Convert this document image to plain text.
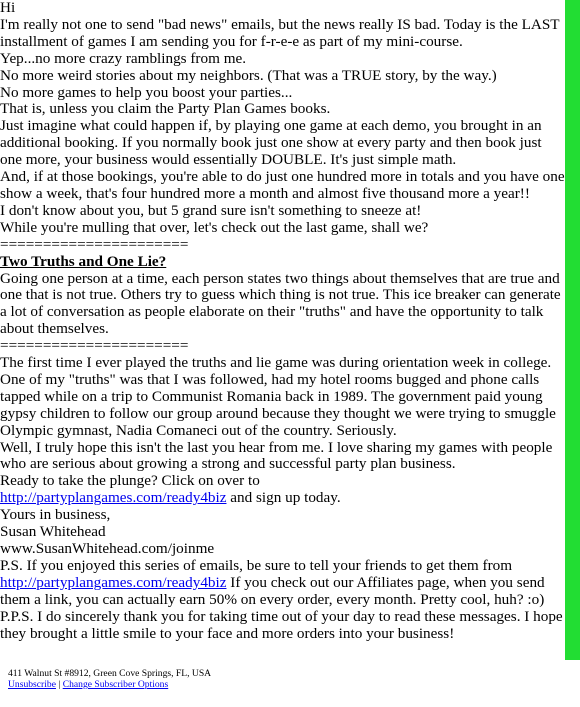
Hi

I'm really not one to send "bad news" emails, but the news really IS bad. Today is the LAST installment of games I am sending you for f-r-e-e as part of my mini-course.

Yep...no more crazy ramblings from me.

No more weird stories about my neighbors. (That was a TRUE story, by the way.)

No more games to help you boost your parties...

That is, unless you claim the Party Plan Games books.

Just imagine what could happen if, by playing one game at each demo, you brought in an additional booking. If you normally book just one show at every party and then book just one more, your business would essentially DOUBLE. It's just simple math.

And, if at those bookings, you're able to do just one hundred more in totals and you have one show a week, that's four hundred more a month and almost five thousand more a year!!

I don't know about you, but 5 grand sure isn't something to sneeze at!

While you're mulling that over, let's check out the last game, shall we?

======================

Two Truths and One Lie?

Going one person at a time, each person states two things about themselves that are true and one that is not true. Others try to guess which thing is not true. This ice breaker can generate a lot of conversation as people elaborate on their "truths" and have the opportunity to talk about themselves.

======================

The first time I ever played the truths and lie game was during orientation week in college. One of my "truths" was that I was followed, had my hotel rooms bugged and phone calls tapped while on a trip to Communist Romania back in 1989. The government paid young gypsy children to follow our group around because they thought we were trying to smuggle Olympic gymnast, Nadia Comaneci out of the country. Seriously.

Well, I truly hope this isn't the last you hear from me. I love sharing my games with people who are serious about growing a strong and successful party plan business.

Ready to take the plunge? Click on over to
http://partyplangames.com/ready4biz and sign up today.

Yours in business,

Susan Whitehead

www.SusanWhitehead.com/joinme

P.S. If you enjoyed this series of emails, be sure to tell your friends to get them from
http://partyplangames.com/ready4biz If you check out our Affiliates page, when you send them a link, you can actually earn 50% on every order, every month. Pretty cool, huh? :o)

P.P.S. I do sincerely thank you for taking time out of your day to read these messages. I hope they brought a little smile to your face and more orders into your business!

411 Walnut St #8912, Green Cove Springs, FL, USA
Unsubscribe | Change Subscriber Options
